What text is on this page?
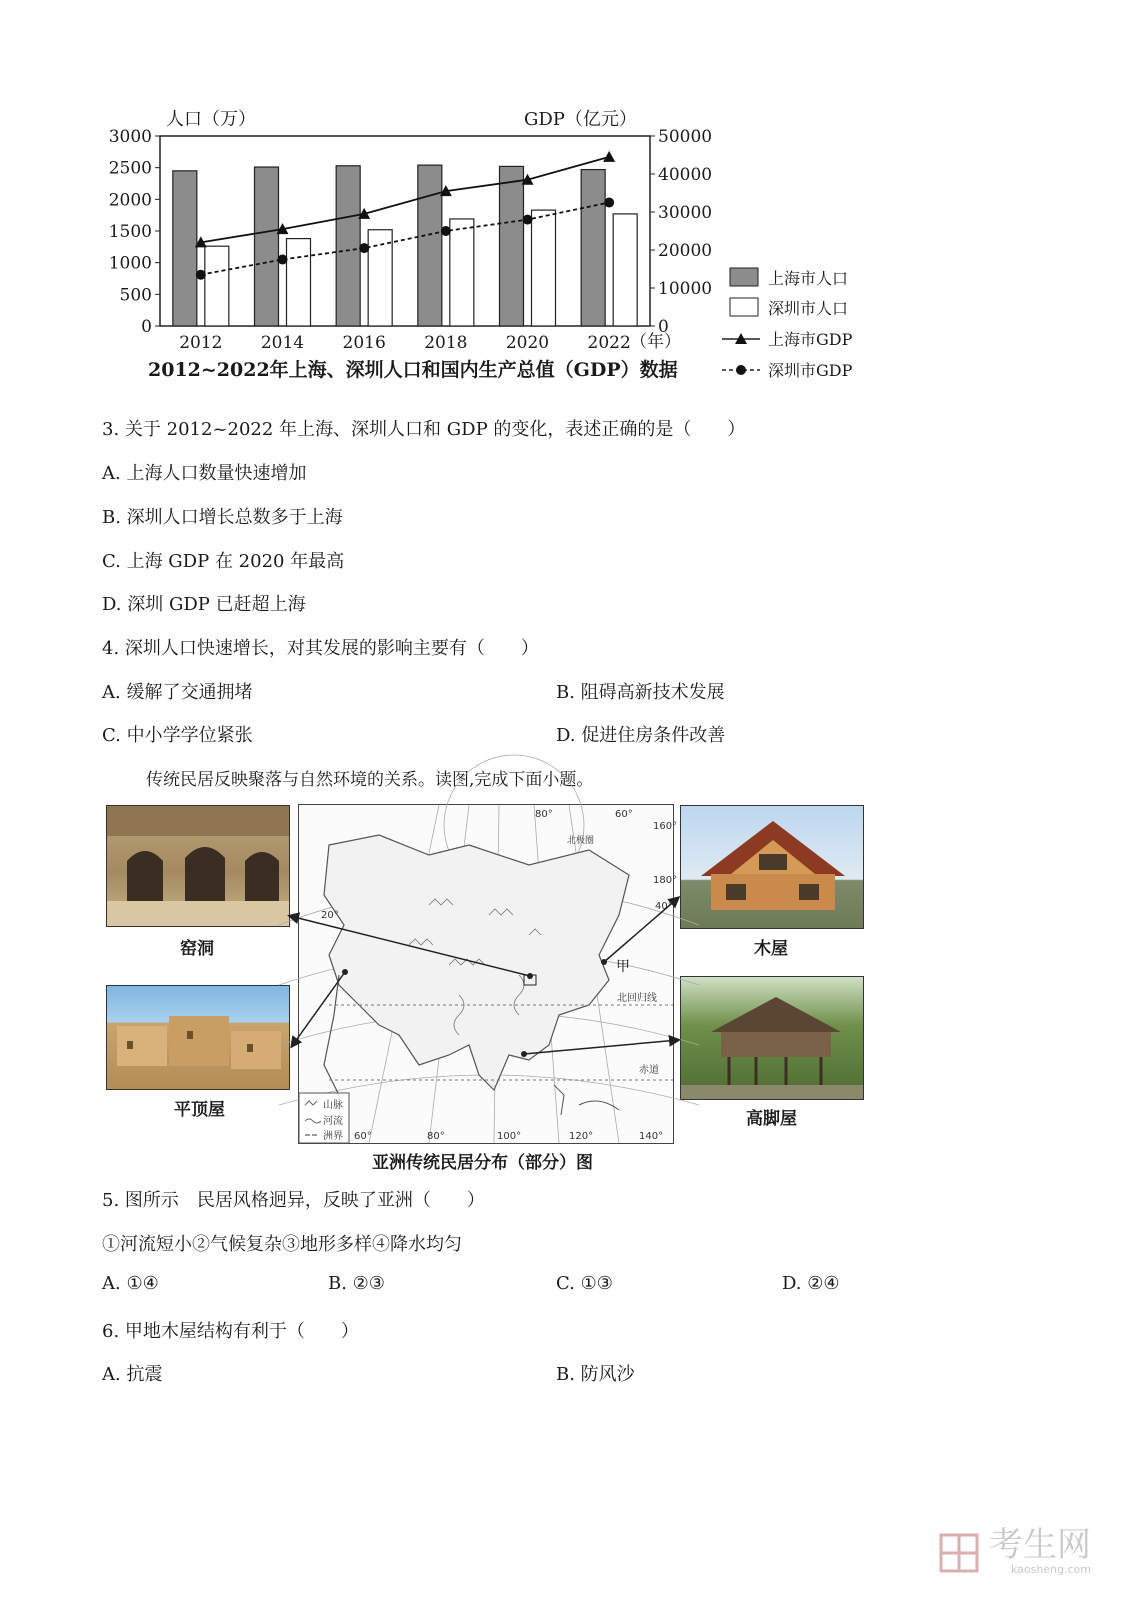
人口（万）	GDP（亿元）
3000
2500
2000
1500
1000
500
0
50000
40000
30000
20000
10000
0
2012 2014 2016 2018 2020 2022 （年）
2012~2022年上海、深圳人口和国内生产总值（GDP）数据
上海市人口
深圳市人口
上海市GDP
深圳市GDP
3. 关于 2012~2022 年上海、深圳人口和 GDP 的变化，表述正确的是（　　）
A. 上海人口数量快速增加
B. 深圳人口增长总数多于上海
C. 上海 GDP 在 2020 年最高
D. 深圳 GDP 已赶超上海
4. 深圳人口快速增长，对其发展的影响主要有（　　）
A. 缓解了交通拥堵	B. 阻碍高新技术发展
C. 中小学学位紧张	D. 促进住房条件改善
传统民居反映聚落与自然环境的关系。读图,完成下面小题。
窑洞
平顶屋
木屋
高脚屋
甲
北回归线
赤道
北极圈
80°	60°
160°
180°
40°
20°
60°	80°	100°	120°	140°
山脉
河流
洲界
亚洲传统民居分布（部分）图
5. 图所示　民居风格迥异，反映了亚洲（　　）
①河流短小②气候复杂③地形多样④降水均匀
A. ①④	B. ②③	C. ①③	D. ②④
6. 甲地木屋结构有利于（　　）
A. 抗震	B. 防风沙
考生网
kaosheng.com
